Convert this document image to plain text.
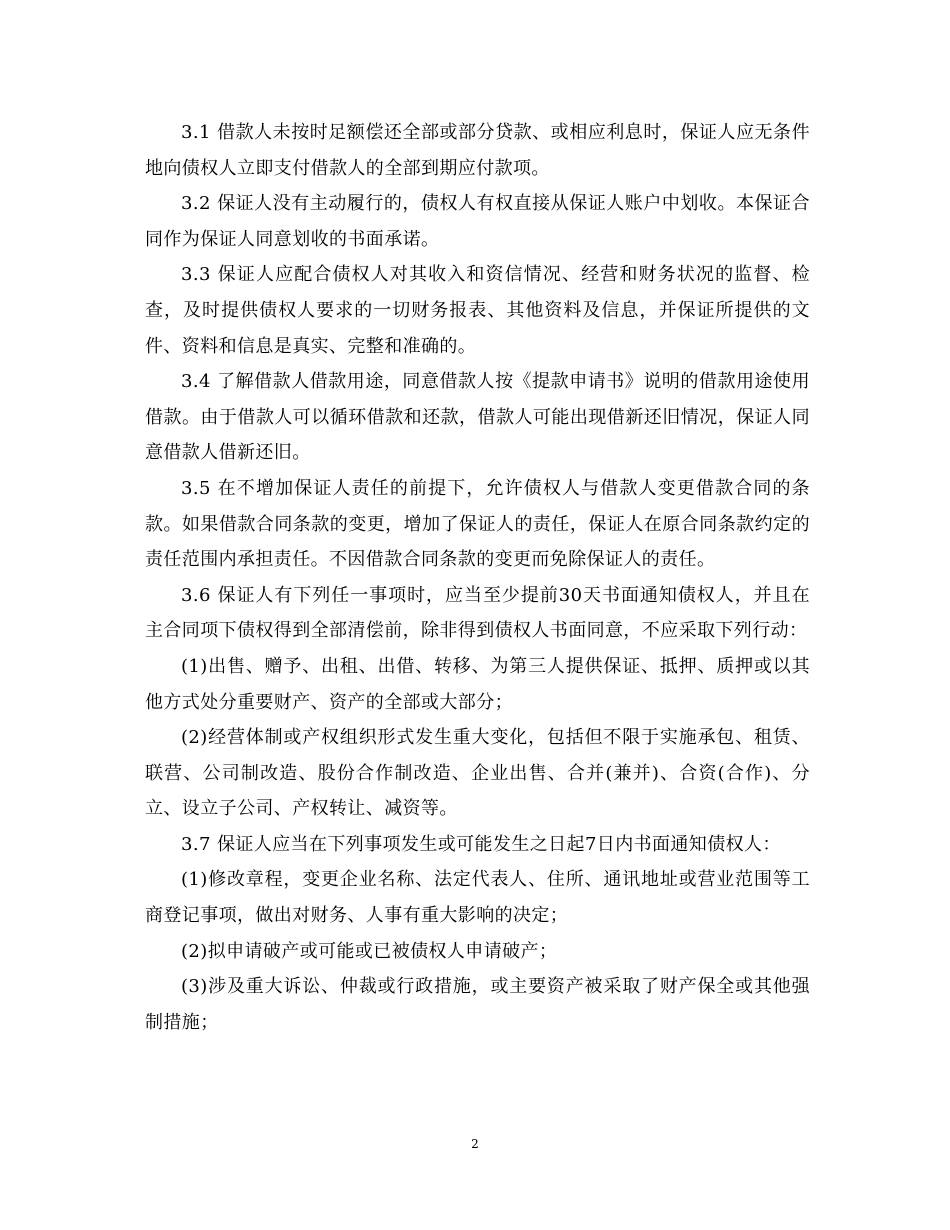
3.1 借款人未按时足额偿还全部或部分贷款、或相应利息时，保证人应无条件地向债权人立即支付借款人的全部到期应付款项。

3.2 保证人没有主动履行的，债权人有权直接从保证人账户中划收。本保证合同作为保证人同意划收的书面承诺。

3.3 保证人应配合债权人对其收入和资信情况、经营和财务状况的监督、检查，及时提供债权人要求的一切财务报表、其他资料及信息，并保证所提供的文件、资料和信息是真实、完整和准确的。

3.4 了解借款人借款用途，同意借款人按《提款申请书》说明的借款用途使用借款。由于借款人可以循环借款和还款，借款人可能出现借新还旧情况，保证人同意借款人借新还旧。

3.5 在不增加保证人责任的前提下，允许债权人与借款人变更借款合同的条款。如果借款合同条款的变更，增加了保证人的责任，保证人在原合同条款约定的责任范围内承担责任。不因借款合同条款的变更而免除保证人的责任。

3.6 保证人有下列任一事项时，应当至少提前30天书面通知债权人，并且在主合同项下债权得到全部清偿前，除非得到债权人书面同意，不应采取下列行动：

(1)出售、赠予、出租、出借、转移、为第三人提供保证、抵押、质押或以其他方式处分重要财产、资产的全部或大部分；

(2)经营体制或产权组织形式发生重大变化，包括但不限于实施承包、租赁、联营、公司制改造、股份合作制改造、企业出售、合并(兼并)、合资(合作)、分立、设立子公司、产权转让、减资等。

3.7 保证人应当在下列事项发生或可能发生之日起7日内书面通知债权人：

(1)修改章程，变更企业名称、法定代表人、住所、通讯地址或营业范围等工商登记事项，做出对财务、人事有重大影响的决定；

(2)拟申请破产或可能或已被债权人申请破产；

(3)涉及重大诉讼、仲裁或行政措施，或主要资产被采取了财产保全或其他强制措施；

2
